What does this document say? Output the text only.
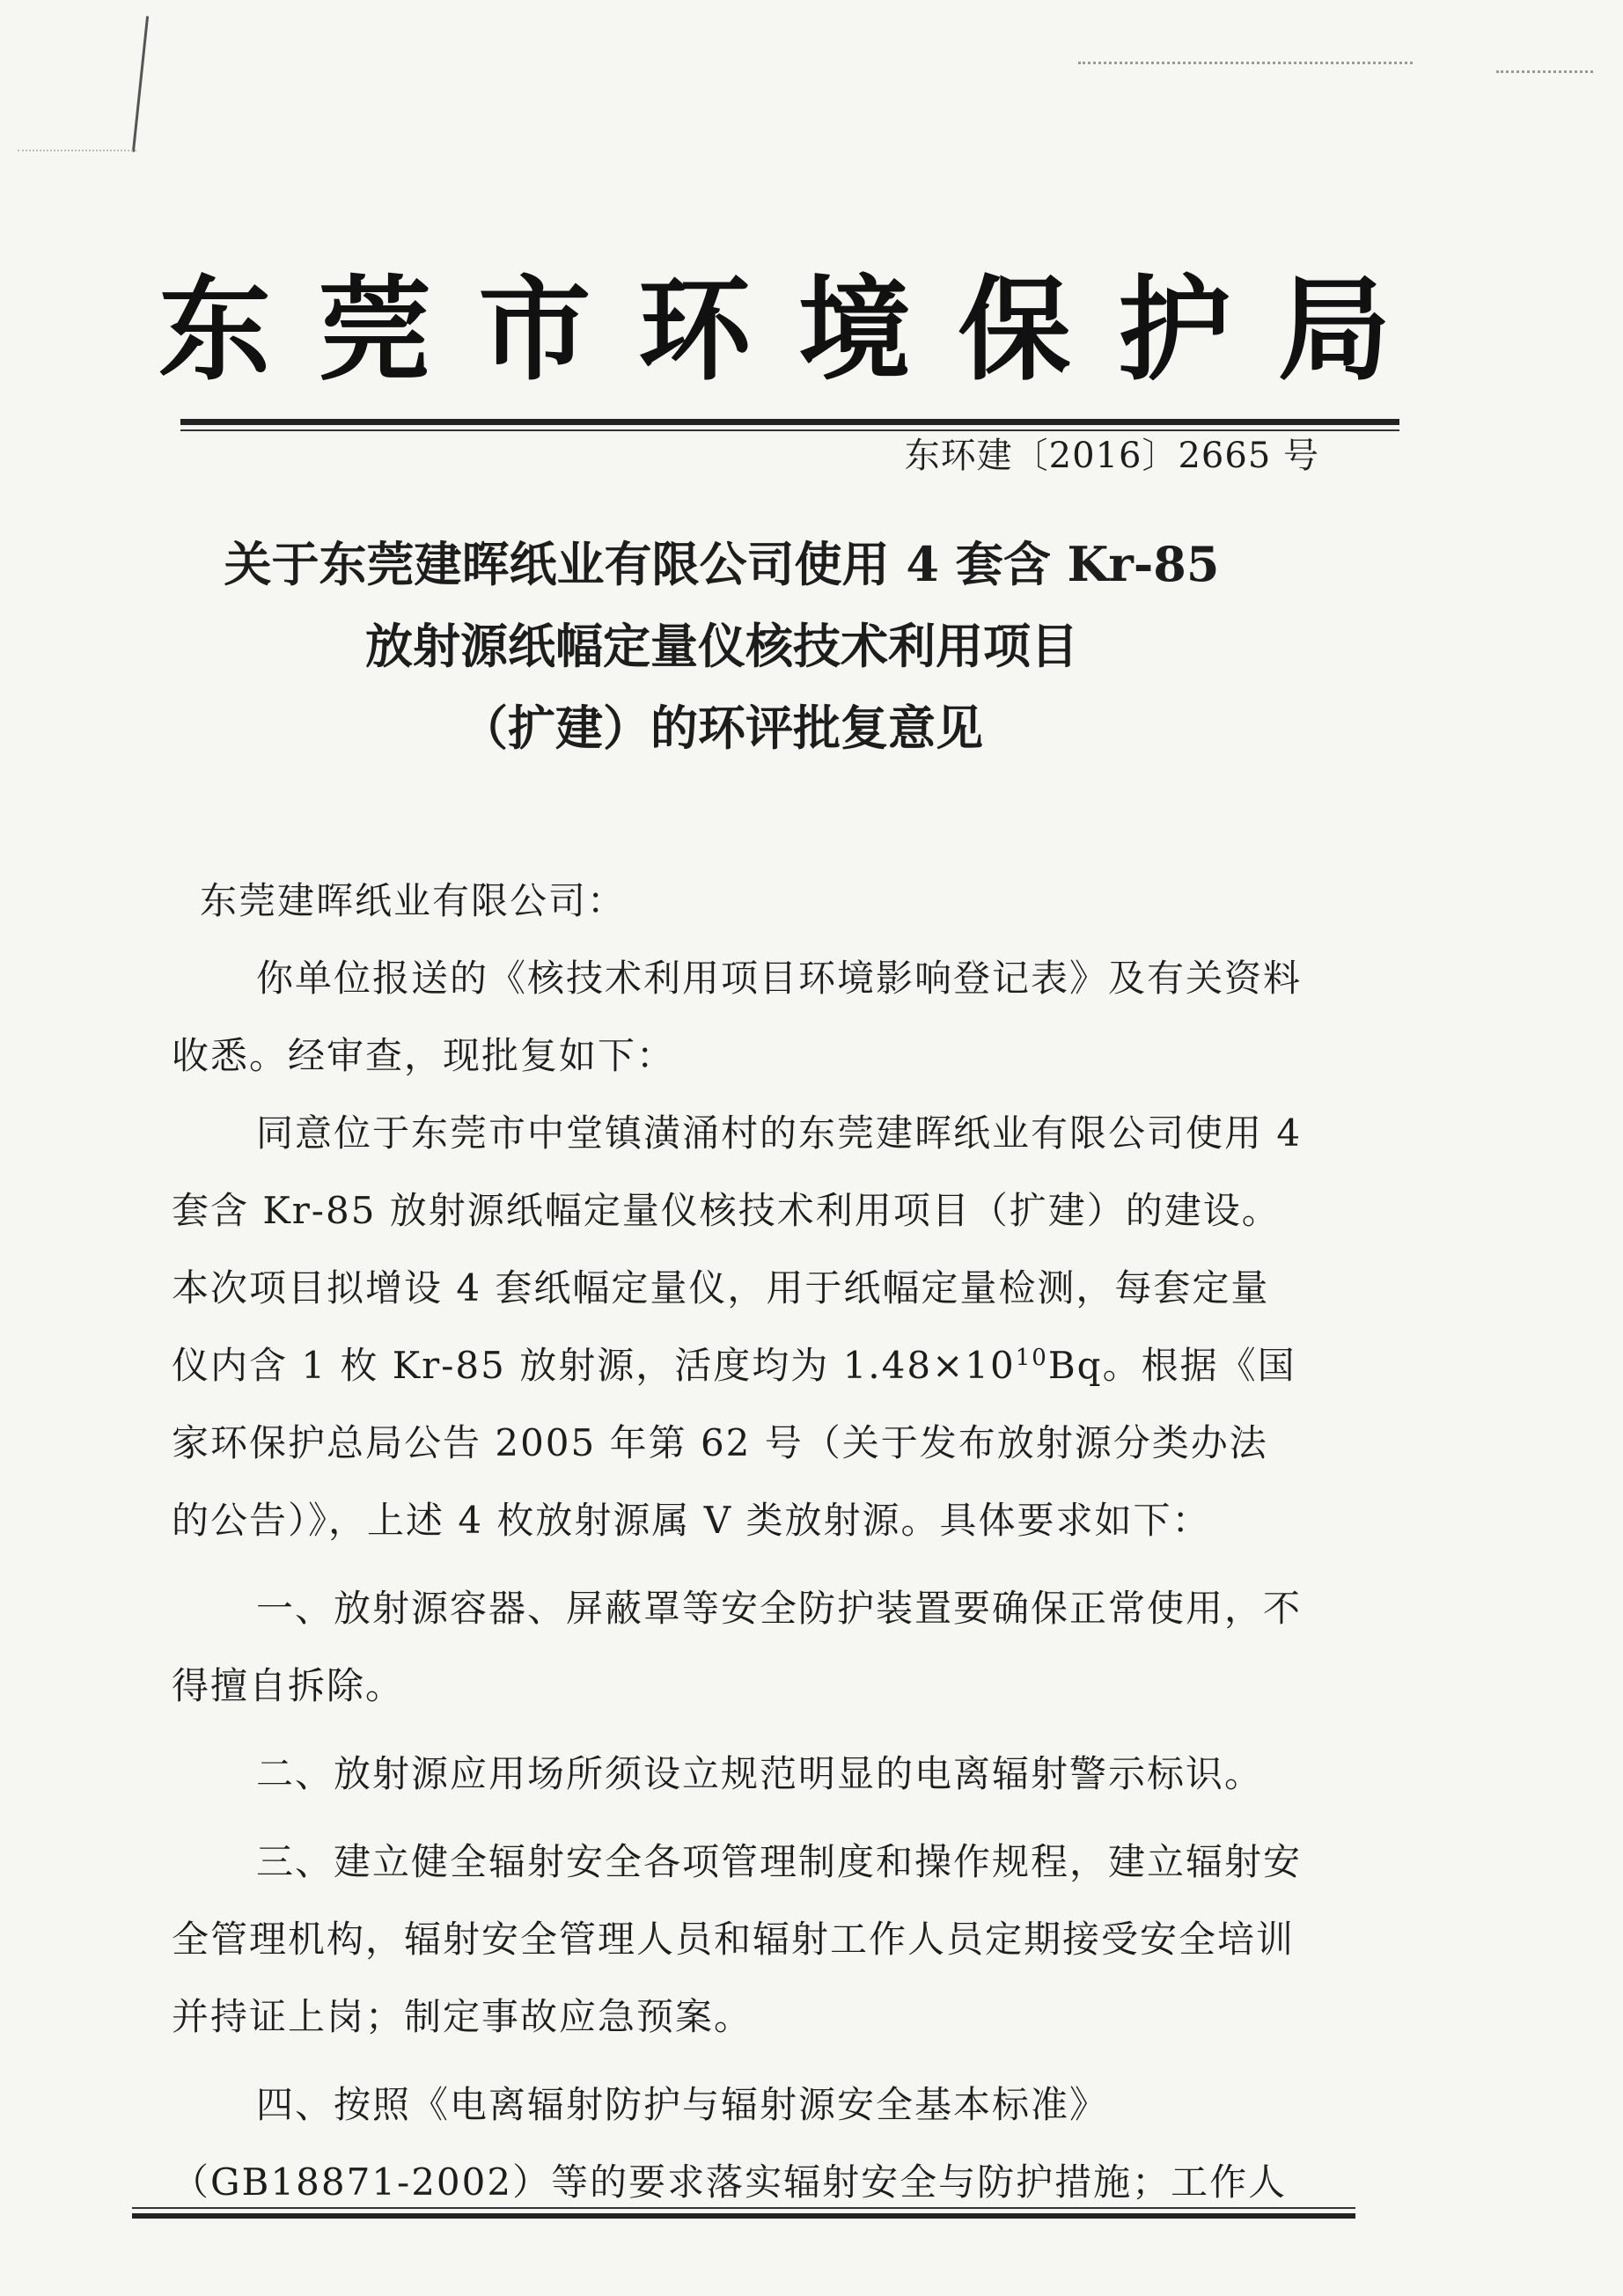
东 莞 市 环 境 保 护 局
东环建〔2016〕2665 号
关于东莞建晖纸业有限公司使用 4 套含 Kr-85
放射源纸幅定量仪核技术利用项目
（扩建）的环评批复意见

东莞建晖纸业有限公司：

你单位报送的《核技术利用项目环境影响登记表》及有关资料收悉。经审查，现批复如下：

同意位于东莞市中堂镇潢涌村的东莞建晖纸业有限公司使用 4 套含 Kr-85 放射源纸幅定量仪核技术利用项目（扩建）的建设。本次项目拟增设 4 套纸幅定量仪，用于纸幅定量检测，每套定量仪内含 1 枚 Kr-85 放射源，活度均为 $1.48\times 10^{10}Bq$。根据《国家环保护总局公告 2005 年第 62 号（关于发布放射源分类办法的公告）》，上述 4 枚放射源属 V 类放射源。具体要求如下：

一、放射源容器、屏蔽罩等安全防护装置要确保正常使用，不得擅自拆除。

二、放射源应用场所须设立规范明显的电离辐射警示标识。

三、建立健全辐射安全各项管理制度和操作规程，建立辐射安全管理机构，辐射安全管理人员和辐射工作人员定期接受安全培训并持证上岗；制定事故应急预案。

四、按照《电离辐射防护与辐射源安全基本标准》（GB18871-2002）等的要求落实辐射安全与防护措施；工作人
